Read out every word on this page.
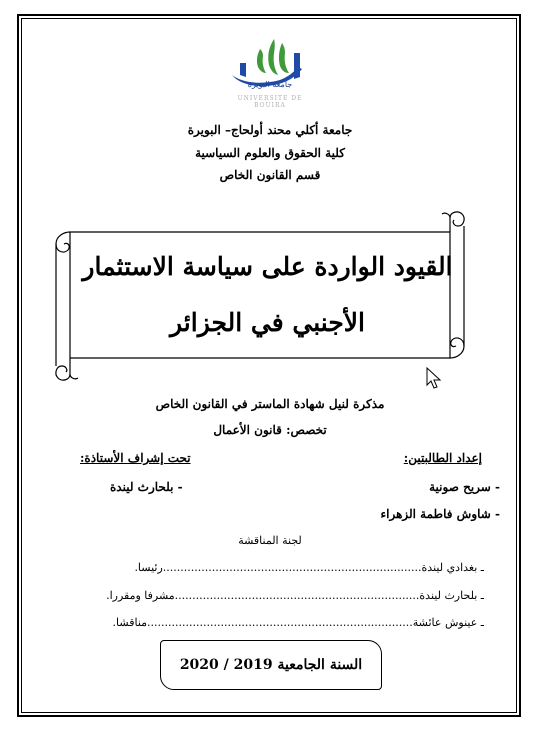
جامعة البويرة
UNIVERSITE DE BOUIRA
جامعة أكلي محند أولحاج– البويرة
كلية الحقوق والعلوم السياسية
قسم القانون الخاص
القيود الواردة على سياسة الاستثمار
الأجنبي في الجزائر
مذكرة لنيل شهادة الماستر في القانون الخاص
تخصص: قانون الأعمال
إعداد الطالبتين:
تحت إشراف الأستاذة:
- سريح صونية
- شاوش فاطمة الزهراء
- بلحارث ليندة
لجنة المناقشة
ـ بغدادي ليندة..........................................................................رئيسا.
ـ بلحارث ليندة......................................................................مشرفا ومقررا.
ـ عينوش عائشة............................................................................مناقشا.
السنة الجامعية 2019 / 2020
